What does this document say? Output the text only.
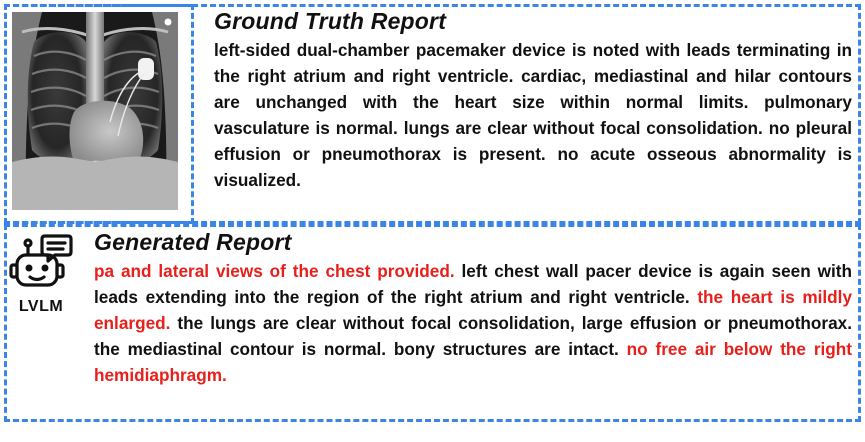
Ground Truth Report
left-sided dual-chamber pacemaker device is noted with leads terminating in the right atrium and right ventricle. cardiac, mediastinal and hilar contours are unchanged with the heart size within normal limits. pulmonary vasculature is normal. lungs are clear without focal consolidation. no pleural effusion or pneumothorax is present. no acute osseous abnormality is visualized.
LVLM
Generated Report
pa and lateral views of the chest provided. left chest wall pacer device is again seen with leads extending into the region of the right atrium and right ventricle. the heart is mildly enlarged. the lungs are clear without focal consolidation, large effusion or pneumothorax. the mediastinal contour is normal. bony structures are intact. no free air below the right hemidiaphragm.
